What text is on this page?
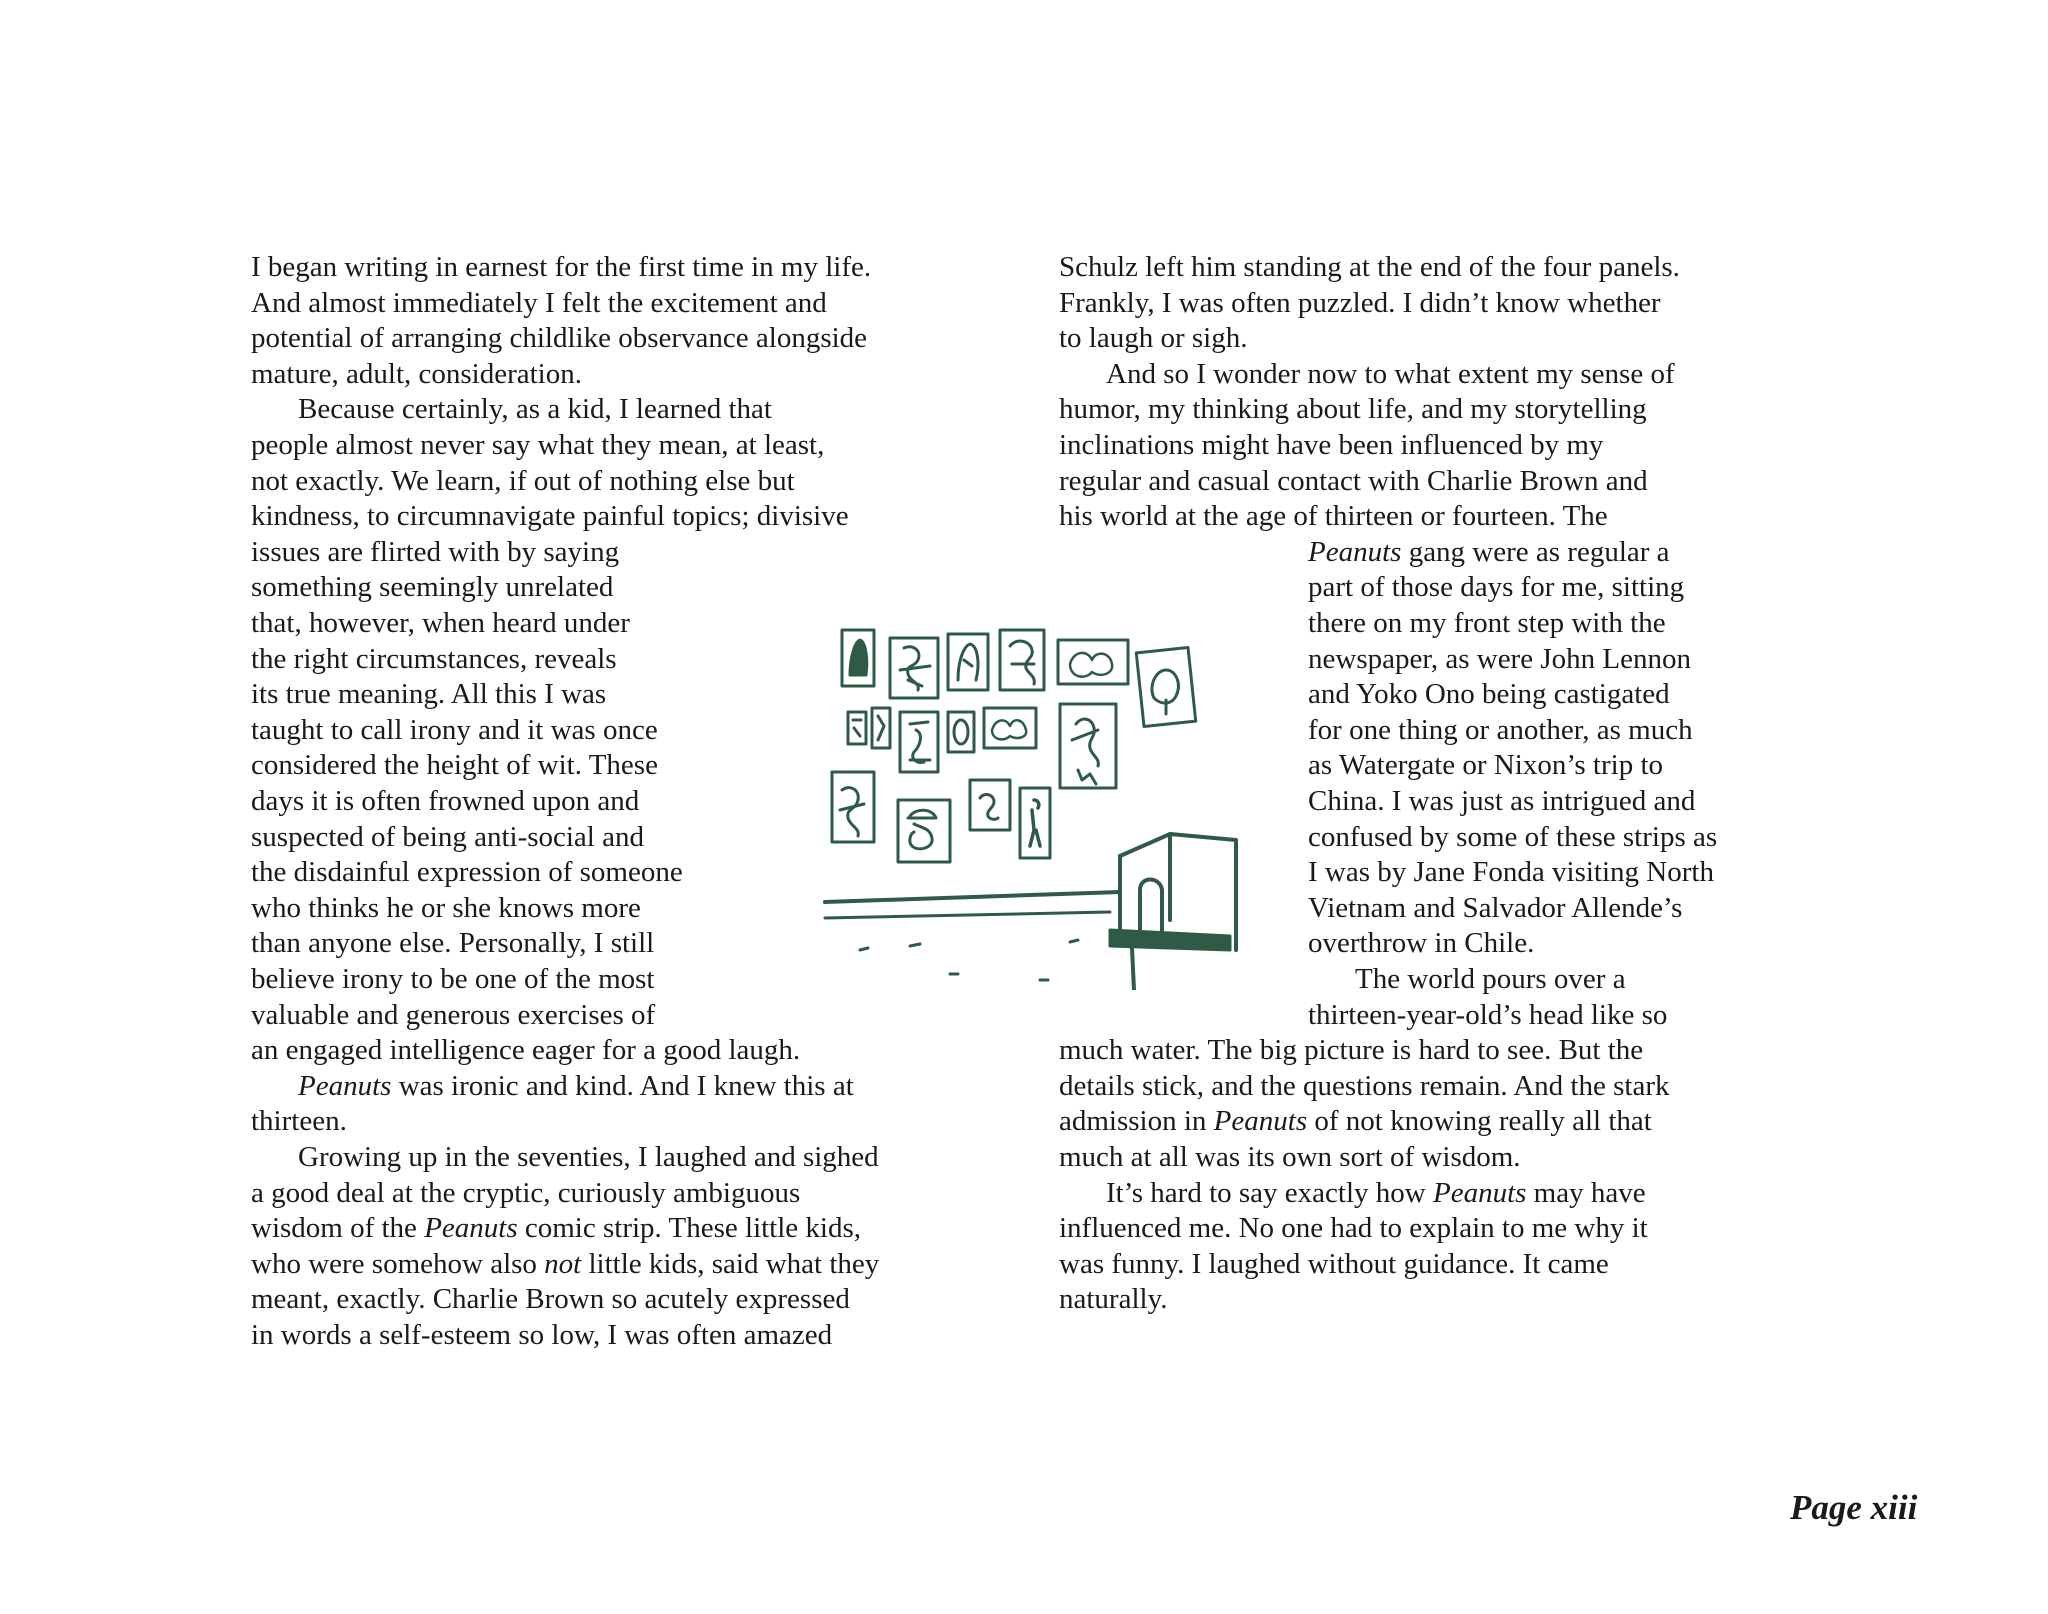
I began writing in earnest for the first time in my life.
And almost immediately I felt the excitement and
potential of arranging childlike observance alongside
mature, adult, consideration.
Because certainly, as a kid, I learned that
people almost never say what they mean, at least,
not exactly. We learn, if out of nothing else but
kindness, to circumnavigate painful topics; divisive
issues are flirted with by saying
something seemingly unrelated
that, however, when heard under
the right circumstances, reveals
its true meaning. All this I was
taught to call irony and it was once
considered the height of wit. These
days it is often frowned upon and
suspected of being anti-social and
the disdainful expression of someone
who thinks he or she knows more
than anyone else. Personally, I still
believe irony to be one of the most
valuable and generous exercises of
an engaged intelligence eager for a good laugh.
Peanuts was ironic and kind. And I knew this at
thirteen.
Growing up in the seventies, I laughed and sighed
a good deal at the cryptic, curiously ambiguous
wisdom of the Peanuts comic strip. These little kids,
who were somehow also not little kids, said what they
meant, exactly. Charlie Brown so acutely expressed
in words a self-esteem so low, I was often amazed
Schulz left him standing at the end of the four panels.
Frankly, I was often puzzled. I didn’t know whether
to laugh or sigh.
And so I wonder now to what extent my sense of
humor, my thinking about life, and my storytelling
inclinations might have been influenced by my
regular and casual contact with Charlie Brown and
his world at the age of thirteen or fourteen. The
Peanuts gang were as regular a
part of those days for me, sitting
there on my front step with the
newspaper, as were John Lennon
and Yoko Ono being castigated
for one thing or another, as much
as Watergate or Nixon’s trip to
China. I was just as intrigued and
confused by some of these strips as
I was by Jane Fonda visiting North
Vietnam and Salvador Allende’s
overthrow in Chile.
The world pours over a
thirteen-year-old’s head like so
much water. The big picture is hard to see. But the
details stick, and the questions remain. And the stark
admission in Peanuts of not knowing really all that
much at all was its own sort of wisdom.
It’s hard to say exactly how Peanuts may have
influenced me. No one had to explain to me why it
was funny. I laughed without guidance. It came
naturally.
Page xiii
